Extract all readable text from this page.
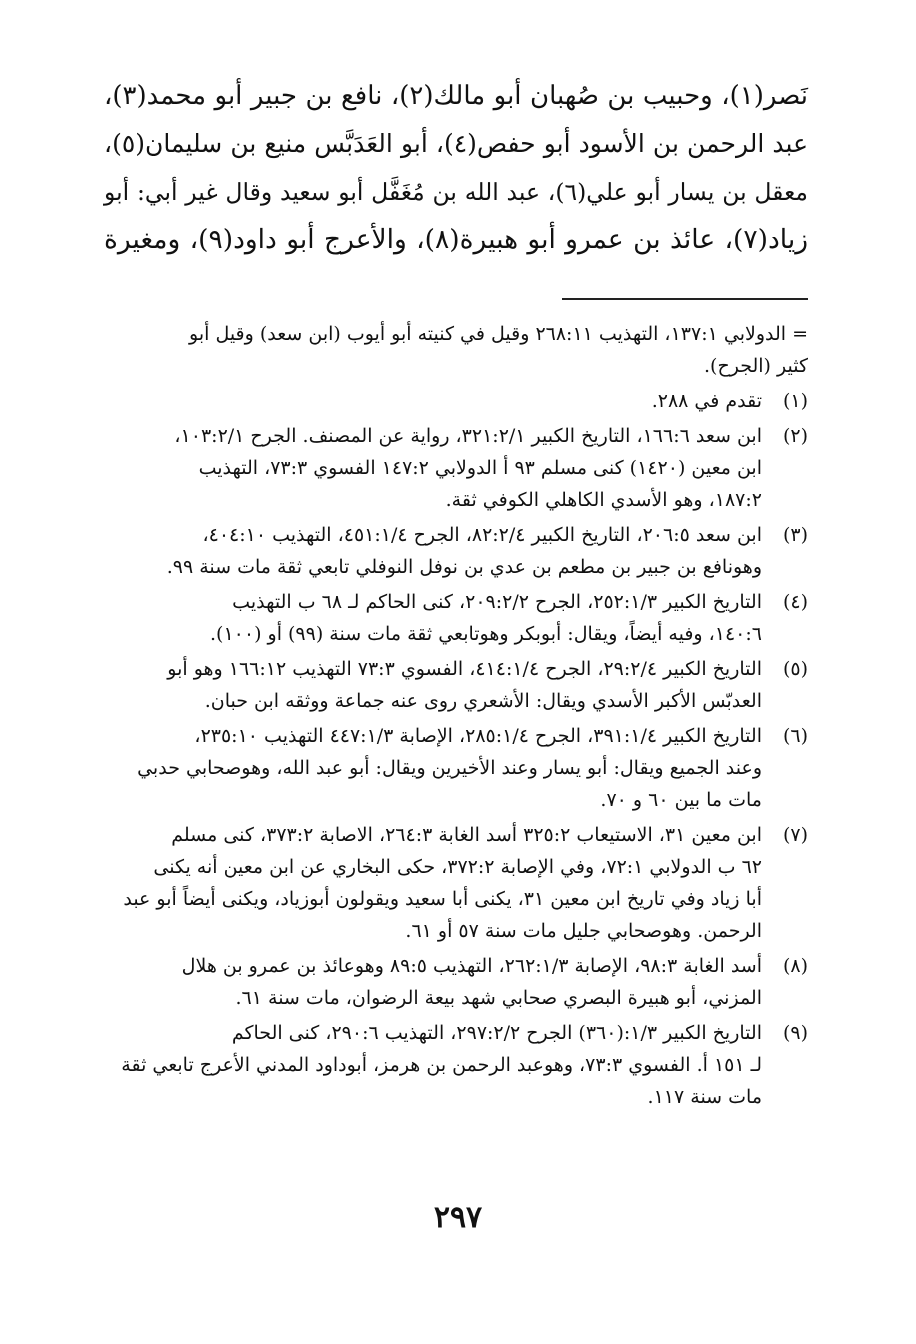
نَصر(١)، وحبيب بن صُهبان أبو مالك(٢)، نافع بن جبير أبو محمد(٣)،
عبد الرحمن بن الأسود أبو حفص(٤)، أبو العَدَبَّس منيع بن سليمان(٥)،
معقل بن يسار أبو علي(٦)، عبد الله بن مُغَفَّل أبو سعيد وقال غير أبي: أبو
زياد(٧)، عائذ بن عمرو أبو هبيرة(٨)، والأعرج أبو داود(٩)، ومغيرة
= الدولابي ١٣٧:١، التهذيب ٢٦٨:١١ وقيل في كنيته أبو أيوب (ابن سعد) وقيل أبو
كثير (الجرح).
(١)
تقدم في ٢٨٨.
(٢)
ابن سعد ١٦٦:٦، التاريخ الكبير ٣٢١:٢/١، رواية عن المصنف. الجرح ١٠٣:٢/١،
ابن معين (١٤٢٠) كنى مسلم ٩٣ أ الدولابي ١٤٧:٢ الفسوي ٧٣:٣، التهذيب
١٨٧:٢، وهو الأسدي الكاهلي الكوفي ثقة.
(٣)
ابن سعد ٢٠٦:٥، التاريخ الكبير ٨٢:٢/٤، الجرح ٤٥١:١/٤، التهذيب ٤٠٤:١٠،
وهونافع بن جبير بن مطعم بن عدي بن نوفل النوفلي تابعي ثقة مات سنة ٩٩.
(٤)
التاريخ الكبير ٢٥٢:١/٣، الجرح ٢٠٩:٢/٢، كنى الحاكم لـ ٦٨ ب التهذيب
١٤٠:٦، وفيه أيضاً، ويقال: أبوبكر وهوتابعي ثقة مات سنة (٩٩) أو (١٠٠).
(٥)
التاريخ الكبير ٢٩:٢/٤، الجرح ٤١٤:١/٤، الفسوي ٧٣:٣ التهذيب ١٦٦:١٢ وهو أبو
العدبّس الأكبر الأسدي ويقال: الأشعري روى عنه جماعة ووثقه ابن حبان.
(٦)
التاريخ الكبير ٣٩١:١/٤، الجرح ٢٨٥:١/٤، الإصابة ٤٤٧:١/٣ التهذيب ٢٣٥:١٠،
وعند الجميع ويقال: أبو يسار وعند الأخيرين ويقال: أبو عبد الله، وهوصحابي حدبي
مات ما بين ٦٠ و ٧٠.
(٧)
ابن معين ٣١، الاستيعاب ٣٢٥:٢ أسد الغابة ٢٦٤:٣، الاصابة ٣٧٣:٢، كنى مسلم
٦٢ ب الدولابي ٧٢:١، وفي الإصابة ٣٧٢:٢، حكى البخاري عن ابن معين أنه يكنى
أبا زياد وفي تاريخ ابن معين ٣١، يكنى أبا سعيد ويقولون أبوزياد، ويكنى أيضاً أبو عبد
الرحمن. وهوصحابي جليل مات سنة ٥٧ أو ٦١.
(٨)
أسد الغابة ٩٨:٣، الإصابة ٢٦٢:١/٣، التهذيب ٨٩:٥ وهوعائذ بن عمرو بن هلال
المزني، أبو هبيرة البصري صحابي شهد بيعة الرضوان، مات سنة ٦١.
(٩)
التاريخ الكبير ١/٣:(٣٦٠) الجرح ٢٩٧:٢/٢، التهذيب ٢٩٠:٦، كنى الحاكم
لـ ١٥١ أ. الفسوي ٧٣:٣، وهوعبد الرحمن بن هرمز، أبوداود المدني الأعرج تابعي ثقة
مات سنة ١١٧.
٢٩٧
